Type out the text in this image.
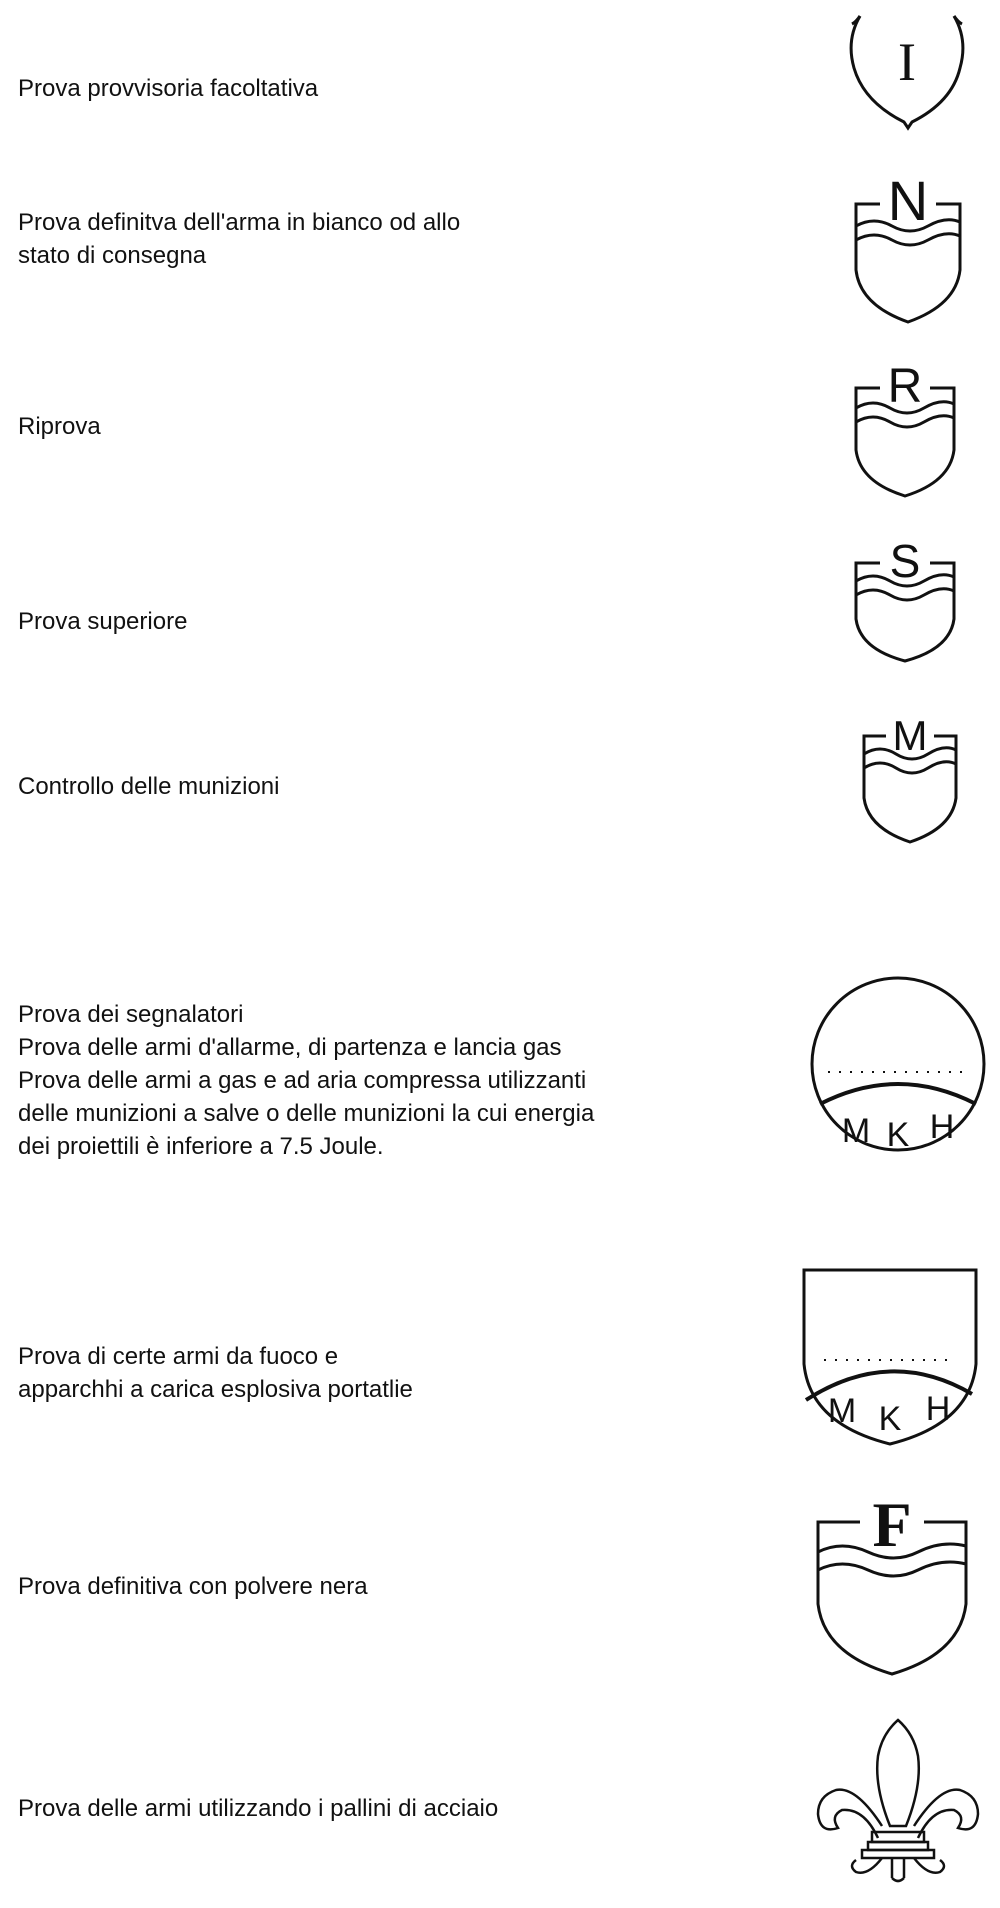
Prova provvisoria facoltativa	I
Prova definitva dell'arma in bianco od allo
stato di consegna
N
Riprova
R
Prova superiore
S
Controllo delle munizioni
M
Prova dei segnalatori
Prova delle armi d'allarme, di partenza e lancia gas
Prova delle armi a gas e ad aria compressa utilizzanti
delle munizioni a salve o delle munizioni la cui energia
dei proiettili è inferiore a 7.5 Joule.	M K H
Prova di certe armi da fuoco e
apparchhi a carica esplosiva portatlie
M K H
Prova definitiva con polvere nera
F
Prova delle armi utilizzando i pallini di acciaio
